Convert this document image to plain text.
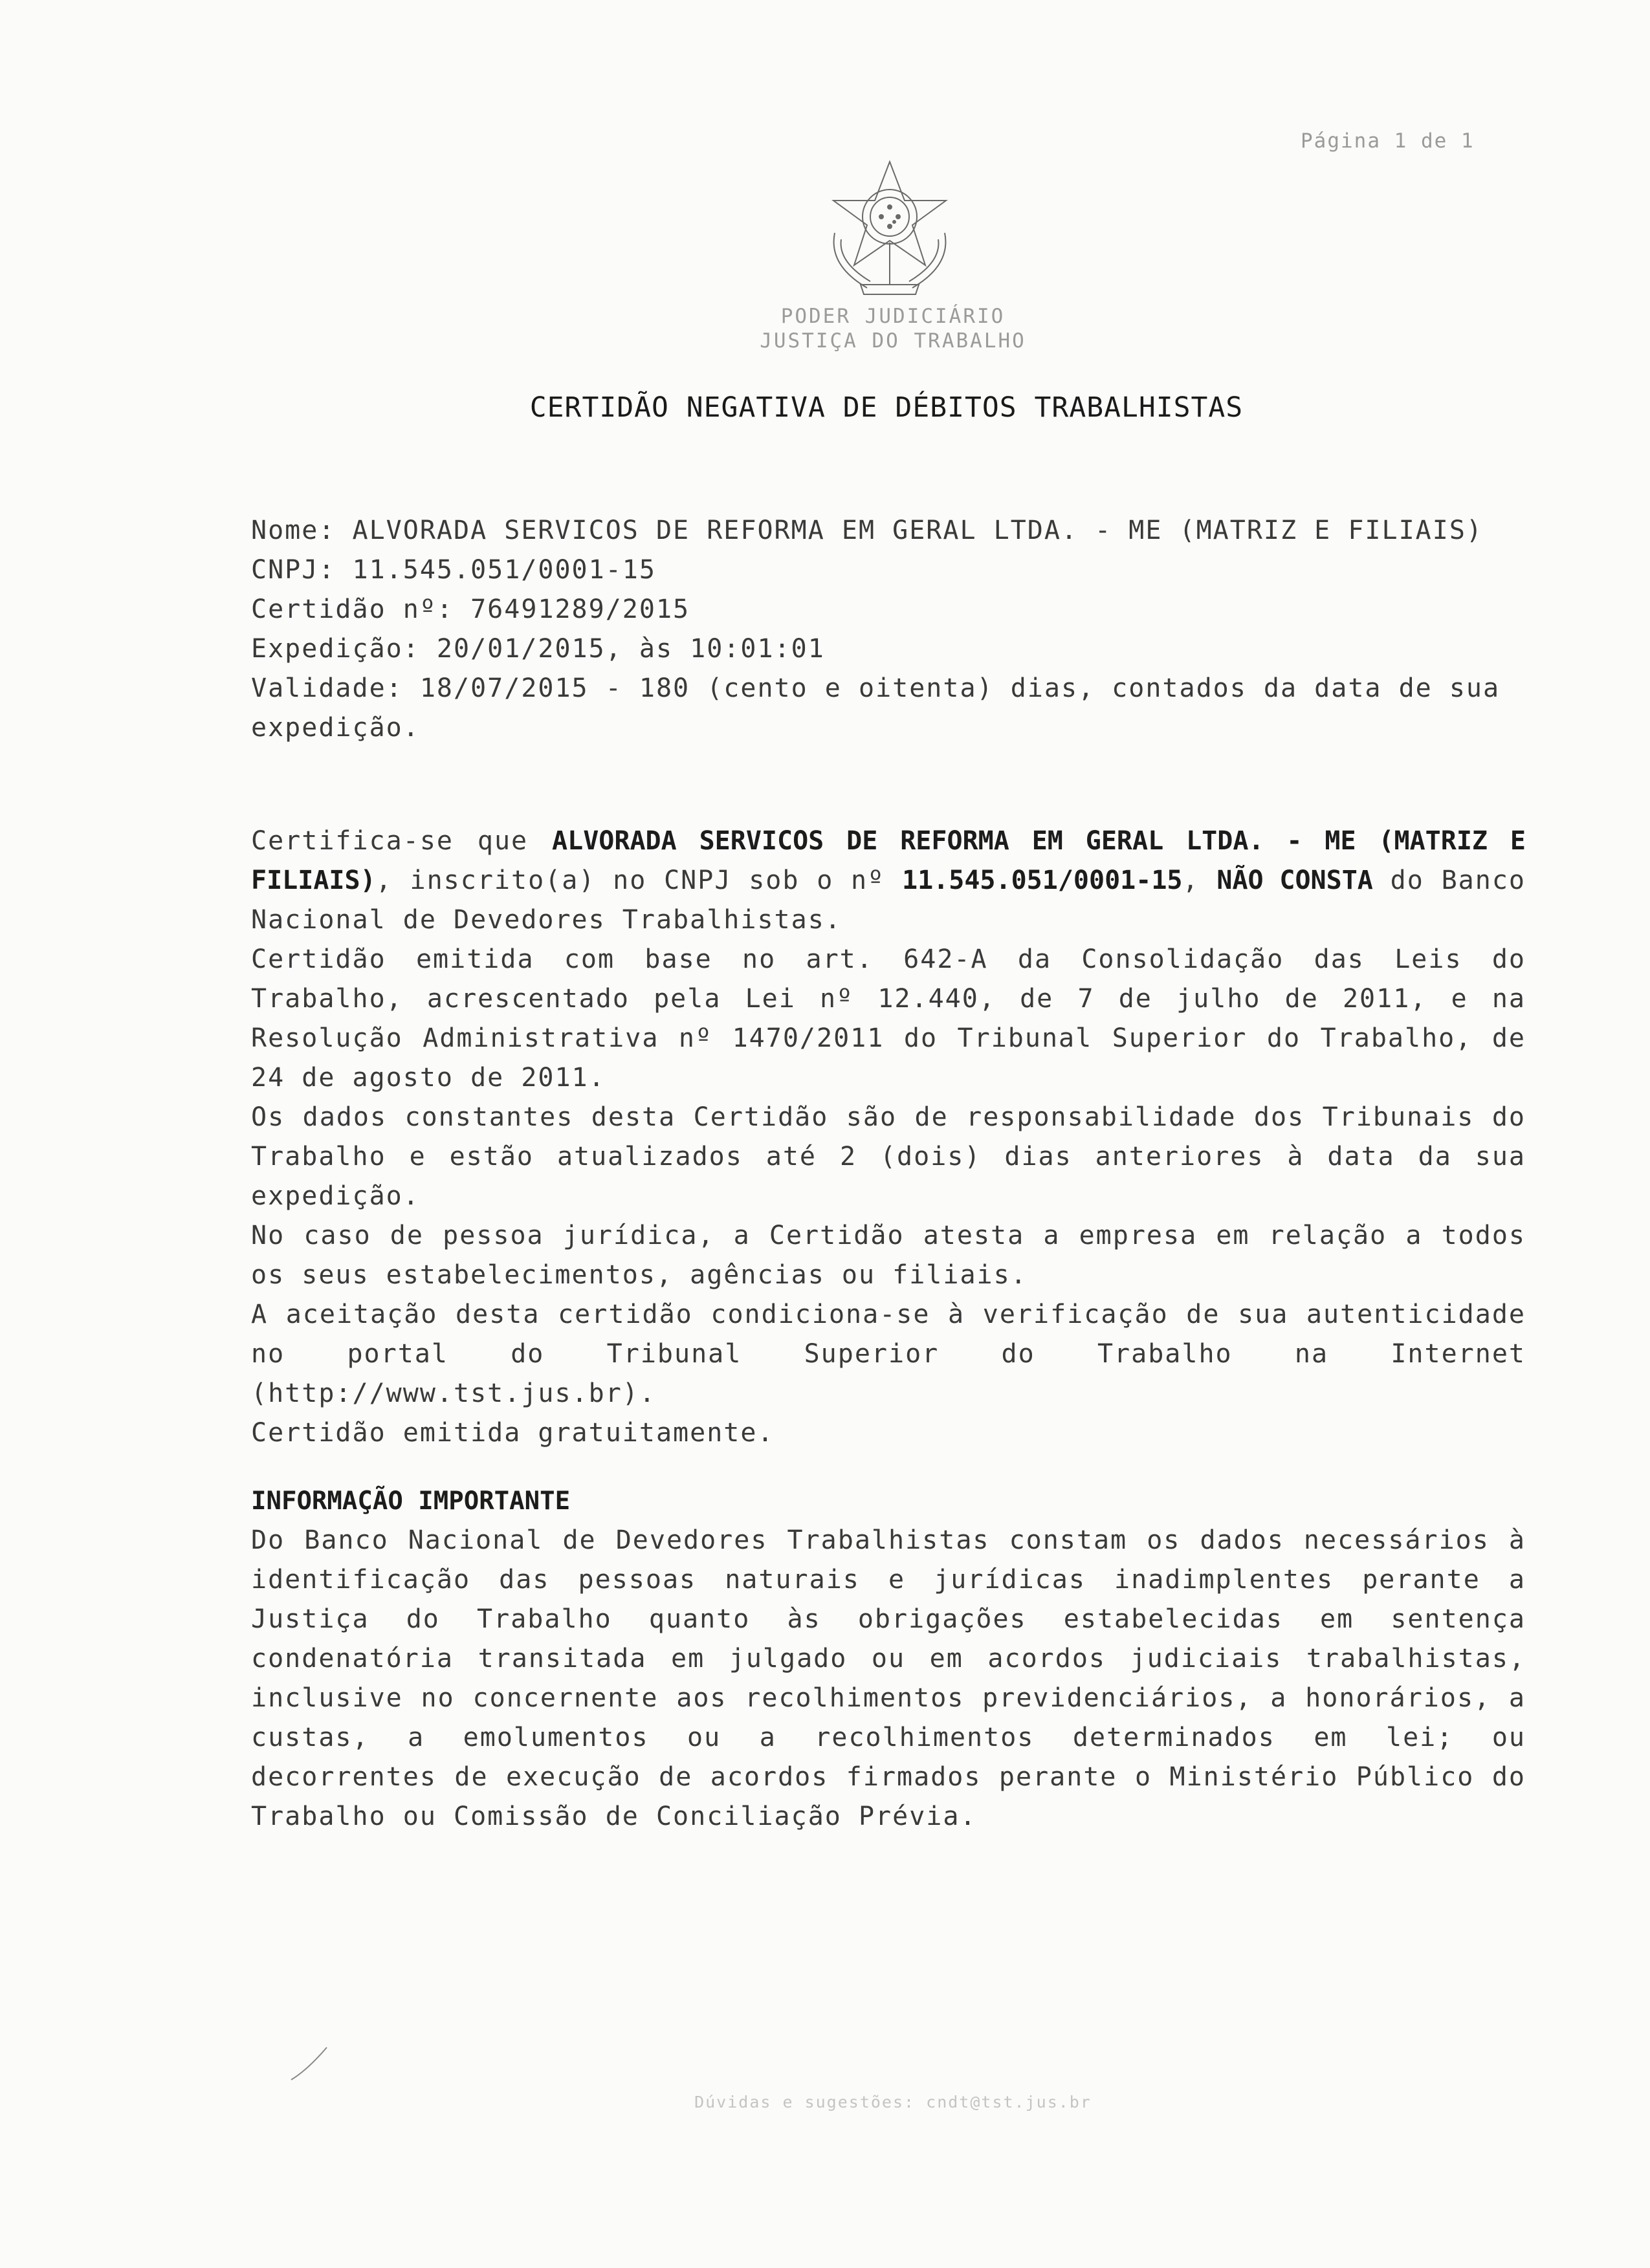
Página 1 de 1
PODER JUDICIÁRIO
JUSTIÇA DO TRABALHO
CERTIDÃO NEGATIVA DE DÉBITOS TRABALHISTAS
Nome: ALVORADA SERVICOS DE REFORMA EM GERAL LTDA. - ME (MATRIZ E FILIAIS)
CNPJ: 11.545.051/0001-15
Certidão nº: 76491289/2015
Expedição: 20/01/2015, às 10:01:01
Validade: 18/07/2015 - 180 (cento e oitenta) dias, contados da data de sua expedição.

Certifica-se que ALVORADA SERVICOS DE REFORMA EM GERAL LTDA. - ME (MATRIZ E FILIAIS), inscrito(a) no CNPJ sob o nº 11.545.051/0001-15, NÃO CONSTA do Banco Nacional de Devedores Trabalhistas.

Certidão emitida com base no art. 642-A da Consolidação das Leis do Trabalho, acrescentado pela Lei nº 12.440, de 7 de julho de 2011, e na Resolução Administrativa nº 1470/2011 do Tribunal Superior do Trabalho, de 24 de agosto de 2011.

Os dados constantes desta Certidão são de responsabilidade dos Tribunais do Trabalho e estão atualizados até 2 (dois) dias anteriores à data da sua expedição.

No caso de pessoa jurídica, a Certidão atesta a empresa em relação a todos os seus estabelecimentos, agências ou filiais.

A aceitação desta certidão condiciona-se à verificação de sua autenticidade no portal do Tribunal Superior do Trabalho na Internet (http://www.tst.jus.br).

Certidão emitida gratuitamente.

INFORMAÇÃO IMPORTANTE

Do Banco Nacional de Devedores Trabalhistas constam os dados necessários à identificação das pessoas naturais e jurídicas inadimplentes perante a Justiça do Trabalho quanto às obrigações estabelecidas em sentença condenatória transitada em julgado ou em acordos judiciais trabalhistas, inclusive no concernente aos recolhimentos previdenciários, a honorários, a custas, a emolumentos ou a recolhimentos determinados em lei; ou decorrentes de execução de acordos firmados perante o Ministério Público do Trabalho ou Comissão de Conciliação Prévia.

Dúvidas e sugestões: cndt@tst.jus.br
